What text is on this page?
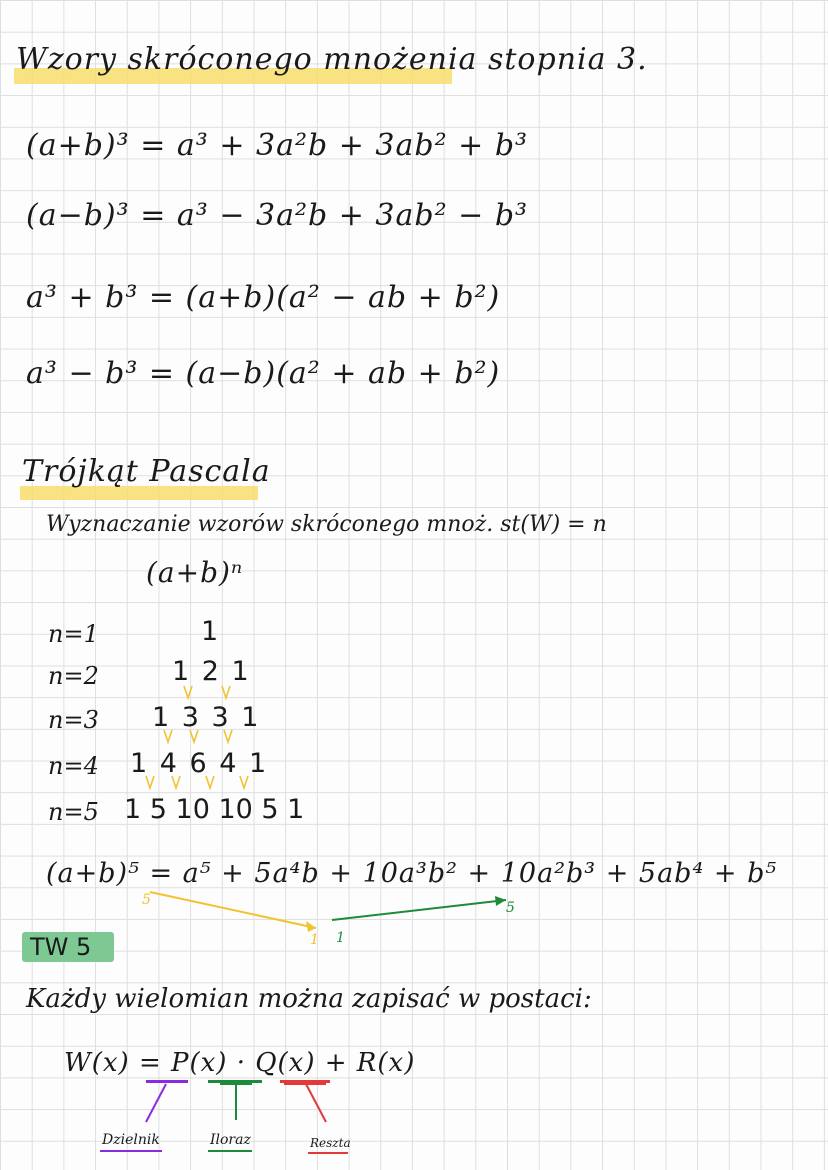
Wzory skróconego mnożenia stopnia 3.
(a+b)³ = a³ + 3a²b + 3ab² + b³
(a−b)³ = a³ − 3a²b + 3ab² − b³
a³ + b³ = (a+b)(a² − ab + b²)
a³ − b³ = (a−b)(a² + ab + b²)
Trójkąt Pascala
Wyznaczanie wzorów skróconego mnoż. st(W) = n
(a+b)ⁿ
n=1	1
n=2	1 2 1
n=3 1 3 3 1
n=4 1 4 6 4 1
n=5 1 5 10 10 5 1
(a+b)⁵ = a⁵ + 5a⁴b + 10a³b² + 10a²b³ + 5ab⁴ + b⁵
5
1 1
5
TW 5
Każdy wielomian można zapisać w postaci:
W(x) = P(x) · Q(x) + R(x)
Dzielnik	Iloraz	Reszta
